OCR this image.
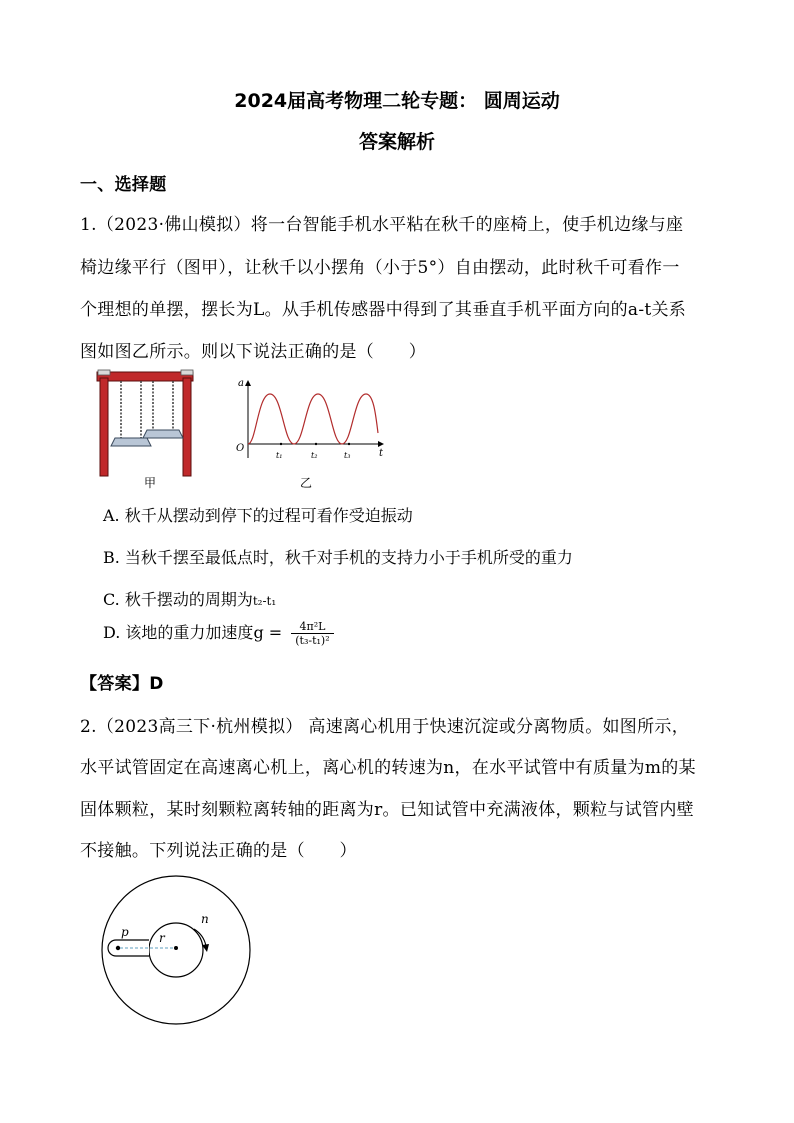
2024届高考物理二轮专题： 圆周运动
答案解析
一、选择题
1.（2023·佛山模拟）将一台智能手机水平粘在秋千的座椅上，使手机边缘与座
椅边缘平行（图甲），让秋千以小摆角（小于5°）自由摆动，此时秋千可看作一
个理想的单摆，摆长为L。从手机传感器中得到了其垂直手机平面方向的a-t关系
图如图乙所示。则以下说法正确的是（　　）
甲
a
t
O
t₁	t₂	t₃
乙
A. 秋千从摆动到停下的过程可看作受迫振动
B. 当秋千摆至最低点时，秋千对手机的支持力小于手机所受的重力
C. 秋千摆动的周期为t₂-t₁
D. 该地的重力加速度$g = \frac{\text{4π²L}}{\text{(t₃-t₁)²}}$
【答案】D
2.（2023高三下·杭州模拟） 高速离心机用于快速沉淀或分离物质。如图所示，
水平试管固定在高速离心机上，离心机的转速为n，在水平试管中有质量为m的某
固体颗粒，某时刻颗粒离转轴的距离为r。已知试管中充满液体，颗粒与试管内壁
不接触。下列说法正确的是（　　）
p	r
n
